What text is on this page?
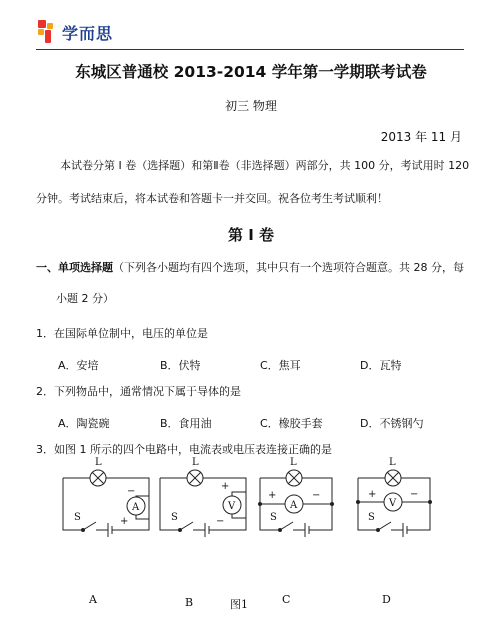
学而思
东城区普通校 2013-2014 学年第一学期联考试卷
初三 物理
2013 年 11 月
本试卷分第 I 卷（选择题）和第Ⅱ卷（非选择题）两部分，共 100 分，考试用时 120
分钟。考试结束后，将本试卷和答题卡一并交回。祝各位考生考试顺利！
第 I 卷
一、单项选择题（下列各小题均有四个选项，其中只有一个选项符合题意。共 28 分，每
小题 2 分）
1．在国际单位制中，电压的单位是
A．安培	B．伏特	C．焦耳	D．瓦特
2．下列物品中，通常情况下属于导体的是
A．陶瓷碗	B．食用油	C．橡胶手套	D．不锈钢勺
3．如图 1 所示的四个电路中，电流表或电压表连接正确的是
L
A
−
+
S
L
V
+
−
S
L
A
+	−
S
L
V
+	−
S
A	B	图1	C	D
